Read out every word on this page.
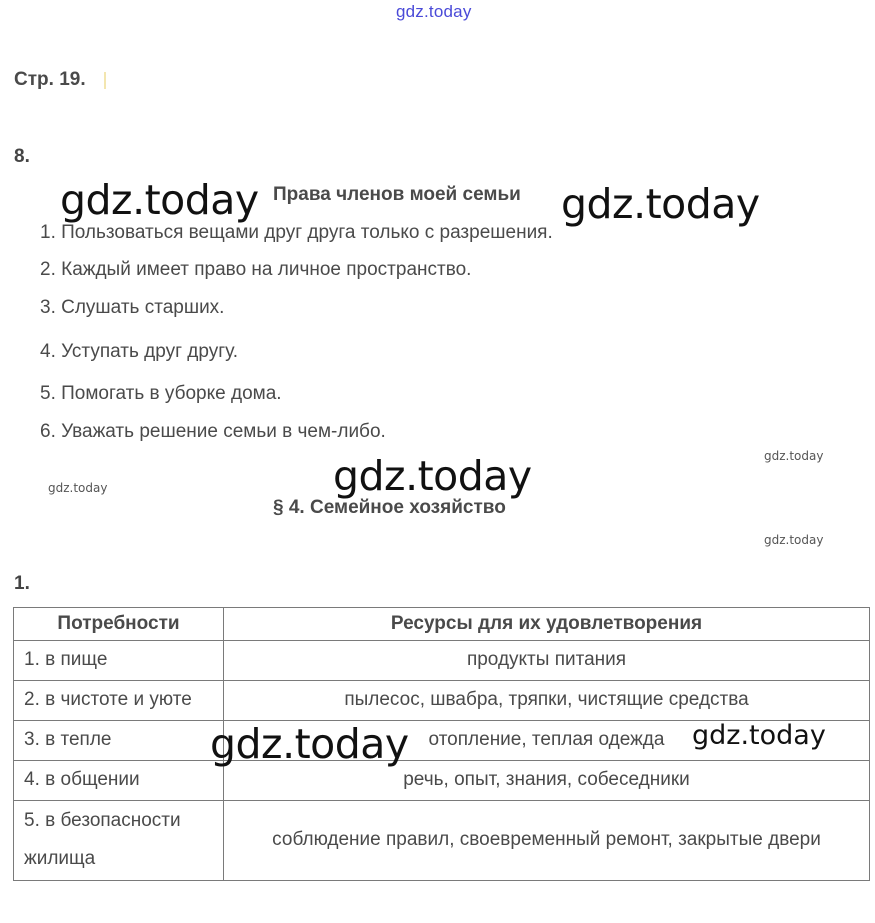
gdz.today
Стр. 19.
8.
Права членов моей семьи
gdz.today	gdz.today
1. Пользоваться вещами друг друга только с разрешения.
2. Каждый имеет право на личное пространство.
3. Слушать старших.
4. Уступать друг другу.
5. Помогать в уборке дома.
6. Уважать решение семьи в чем-либо.
gdz.today
gdz.today
gdz.today
gdz.today
§ 4. Семейное хозяйство
1.
Потребности	Ресурсы для их удовлетворения
1. в пище	продукты питания
2. в чистоте и уюте	пылесос, швабра, тряпки, чистящие средства
3. в тепле	отопление, теплая одежда
4. в общении	речь, опыт, знания, собеседники
5. в безопасности жилища	соблюдение правил, своевременный ремонт, закрытые двери
gdz.today	gdz.today
